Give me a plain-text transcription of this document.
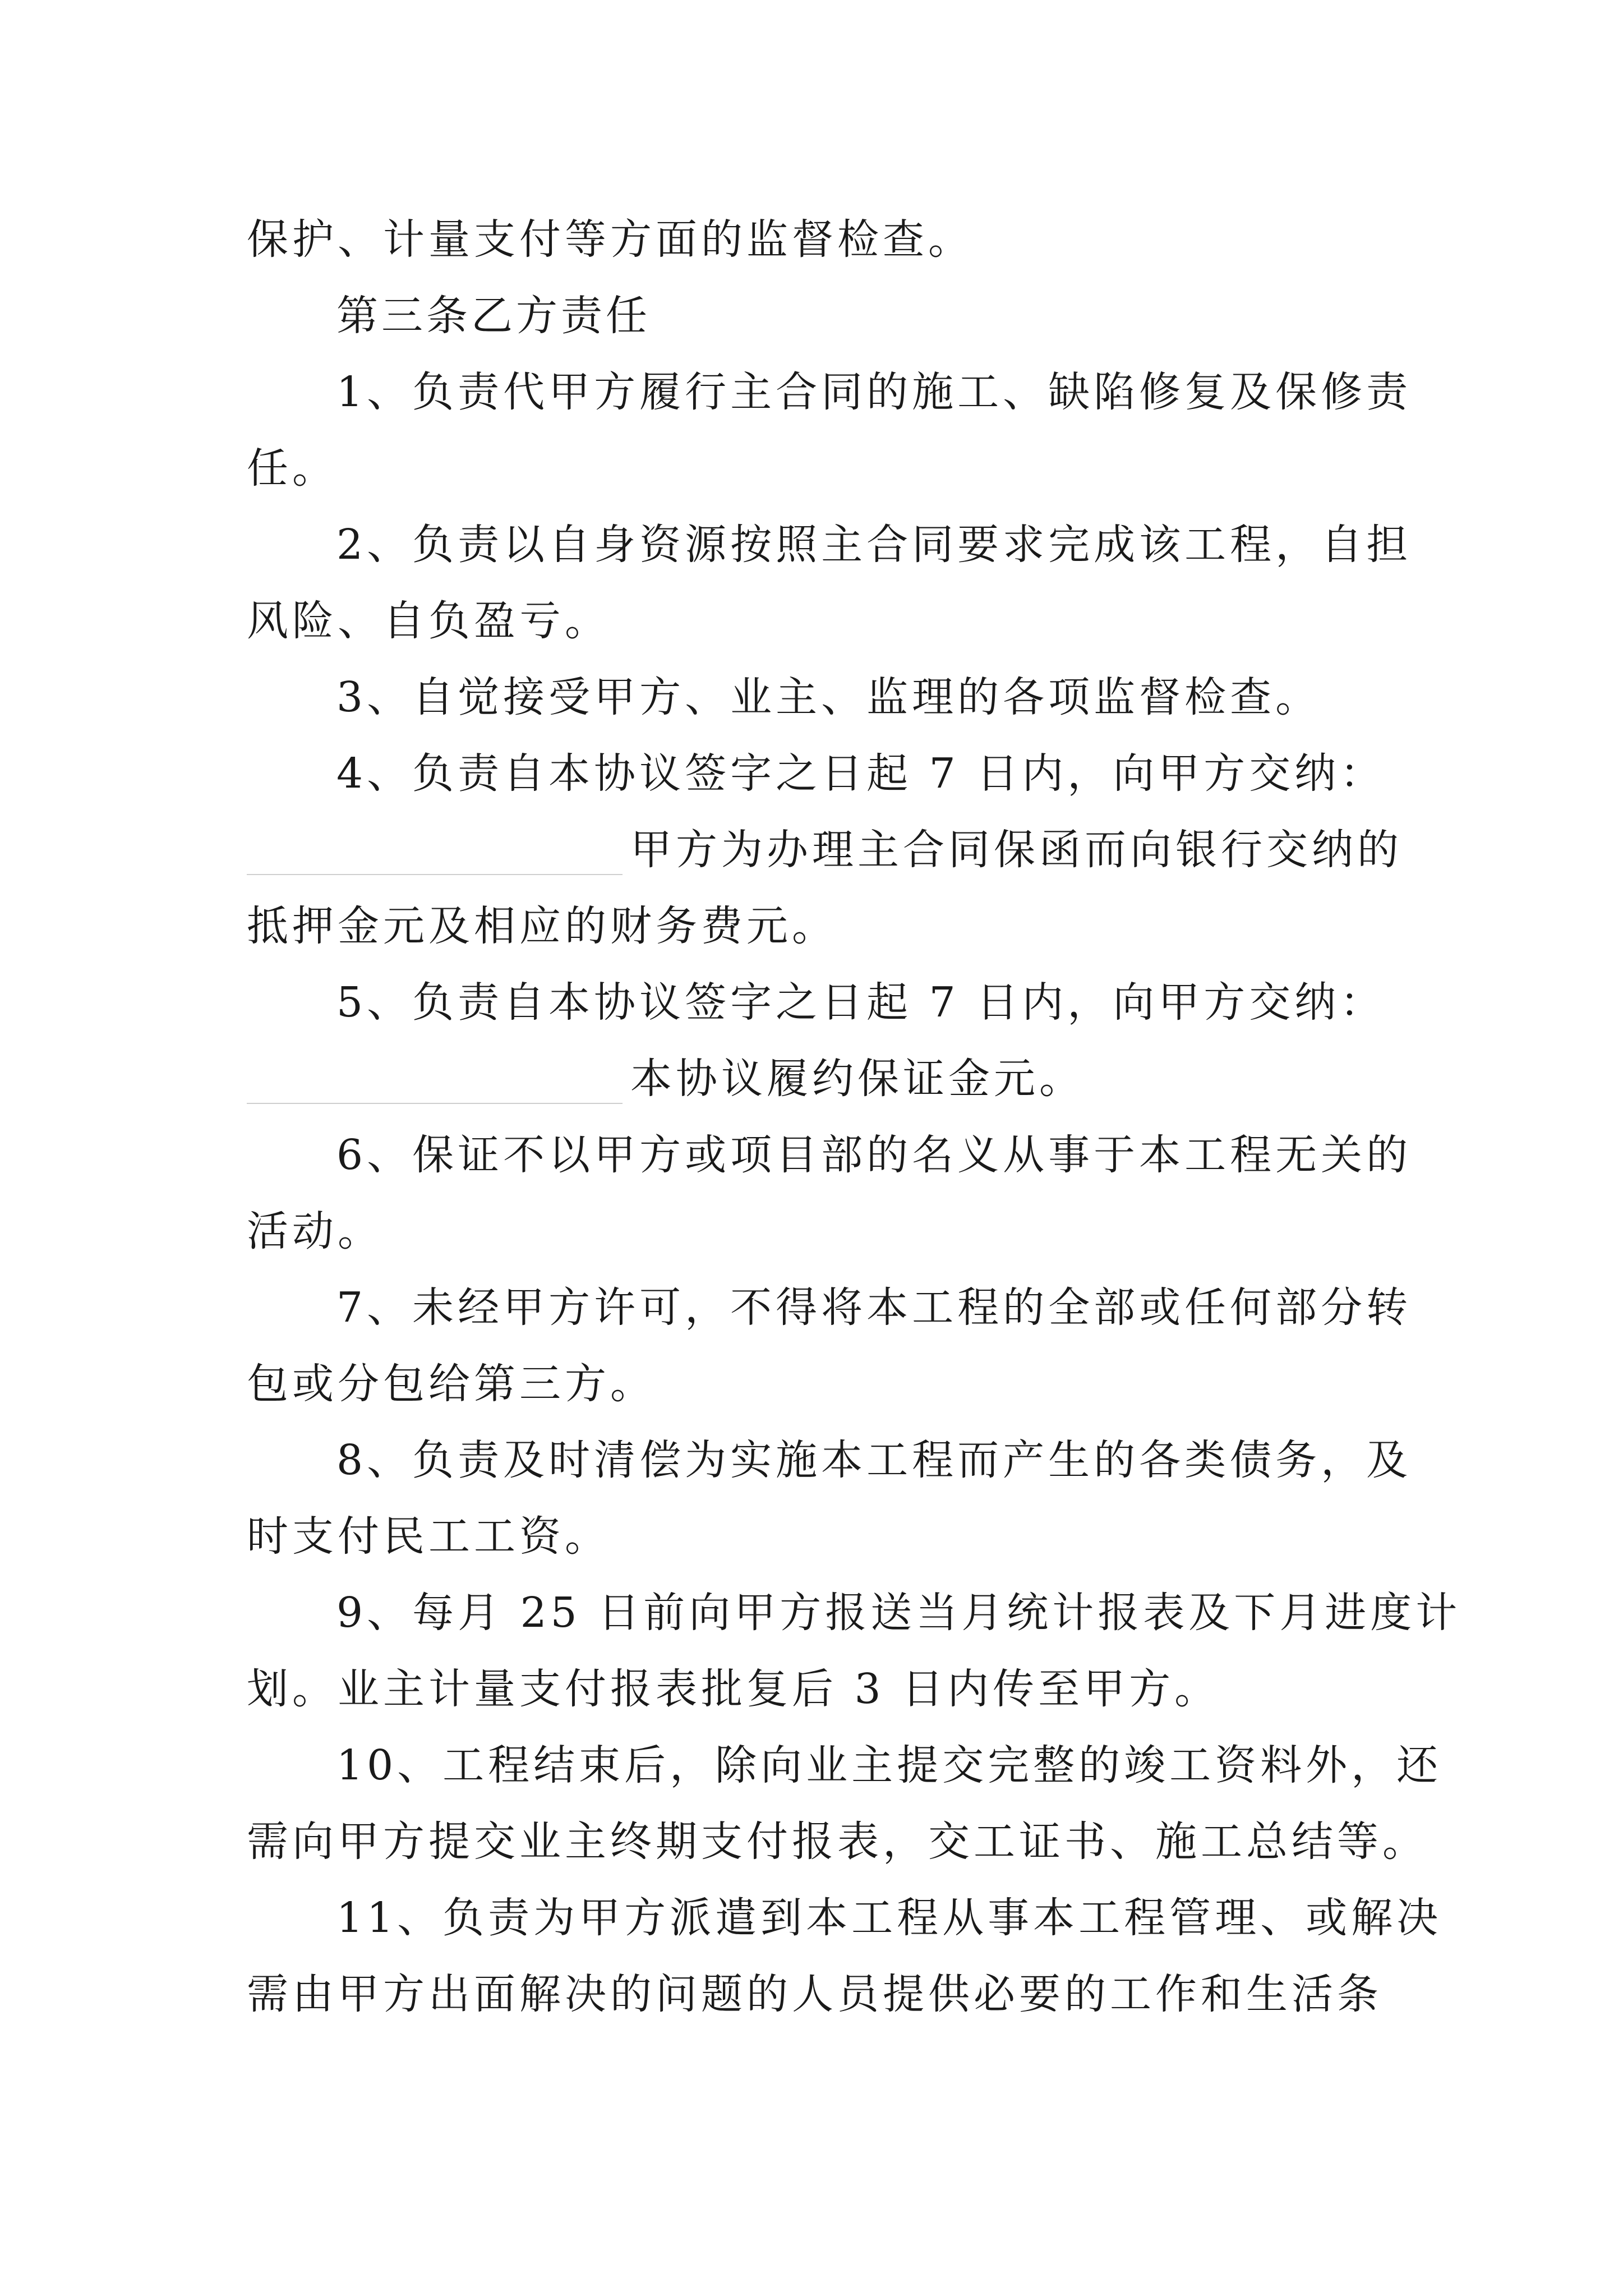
保护、计量支付等方面的监督检查。
第三条乙方责任
1、负责代甲方履行主合同的施工、缺陷修复及保修责
任。
2、负责以自身资源按照主合同要求完成该工程，自担
风险、自负盈亏。
3、自觉接受甲方、业主、监理的各项监督检查。
4、负责自本协议签字之日起 7 日内，向甲方交纳：
甲方为办理主合同保函而向银行交纳的
抵押金元及相应的财务费元。
5、负责自本协议签字之日起 7 日内，向甲方交纳：
本协议履约保证金元。
6、保证不以甲方或项目部的名义从事于本工程无关的
活动。
7、未经甲方许可，不得将本工程的全部或任何部分转
包或分包给第三方。
8、负责及时清偿为实施本工程而产生的各类债务，及
时支付民工工资。
9、每月 25 日前向甲方报送当月统计报表及下月进度计
划。业主计量支付报表批复后 3 日内传至甲方。
10、工程结束后，除向业主提交完整的竣工资料外，还
需向甲方提交业主终期支付报表，交工证书、施工总结等。
11、负责为甲方派遣到本工程从事本工程管理、或解决
需由甲方出面解决的问题的人员提供必要的工作和生活条
